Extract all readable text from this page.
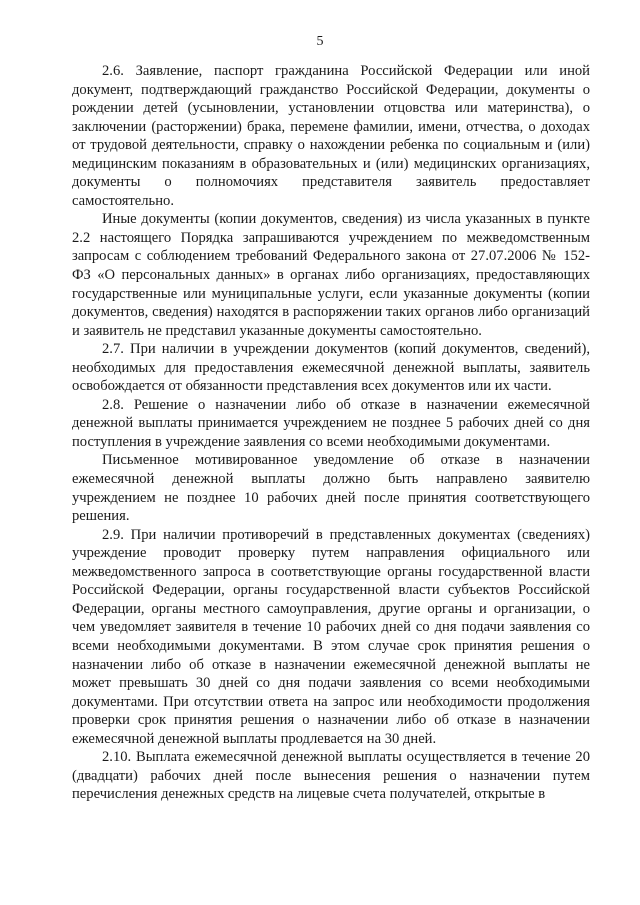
5

2.6. Заявление, паспорт гражданина Российской Федерации или иной документ, подтверждающий гражданство Российской Федерации, документы о рождении детей (усыновлении, установлении отцовства или материнства), о заключении (расторжении) брака, перемене фамилии, имени, отчества, о доходах от трудовой деятельности, справку о нахождении ребенка по социальным и (или) медицинским показаниям в образовательных и (или) медицинских организациях, документы о полномочиях представителя заявитель предоставляет самостоятельно.

Иные документы (копии документов, сведения) из числа указанных в пункте 2.2 настоящего Порядка запрашиваются учреждением по межведомственным запросам с соблюдением требований Федерального закона от 27.07.2006 № 152-ФЗ «О персональных данных» в органах либо организациях, предоставляющих государственные или муниципальные услуги, если указанные документы (копии документов, сведения) находятся в распоряжении таких органов либо организаций и заявитель не представил указанные документы самостоятельно.

2.7. При наличии в учреждении документов (копий документов, сведений), необходимых для предоставления ежемесячной денежной выплаты, заявитель освобождается от обязанности представления всех документов или их части.

2.8. Решение о назначении либо об отказе в назначении ежемесячной денежной выплаты принимается учреждением не позднее 5 рабочих дней со дня поступления в учреждение заявления со всеми необходимыми документами.

Письменное мотивированное уведомление об отказе в назначении ежемесячной денежной выплаты должно быть направлено заявителю учреждением не позднее 10 рабочих дней после принятия соответствующего решения.

2.9. При наличии противоречий в представленных документах (сведениях) учреждение проводит проверку путем направления официального или межведомственного запроса в соответствующие органы государственной власти Российской Федерации, органы государственной власти субъектов Российской Федерации, органы местного самоуправления, другие органы и организации, о чем уведомляет заявителя в течение 10 рабочих дней со дня подачи заявления со всеми необходимыми документами. В этом случае срок принятия решения о назначении либо об отказе в назначении ежемесячной денежной выплаты не может превышать 30 дней со дня подачи заявления со всеми необходимыми документами. При отсутствии ответа на запрос или необходимости продолжения проверки срок принятия решения о назначении либо об отказе в назначении ежемесячной денежной выплаты продлевается на 30 дней.

2.10. Выплата ежемесячной денежной выплаты осуществляется в течение 20 (двадцати) рабочих дней после вынесения решения о назначении путем перечисления денежных средств на лицевые счета получателей, открытые в
